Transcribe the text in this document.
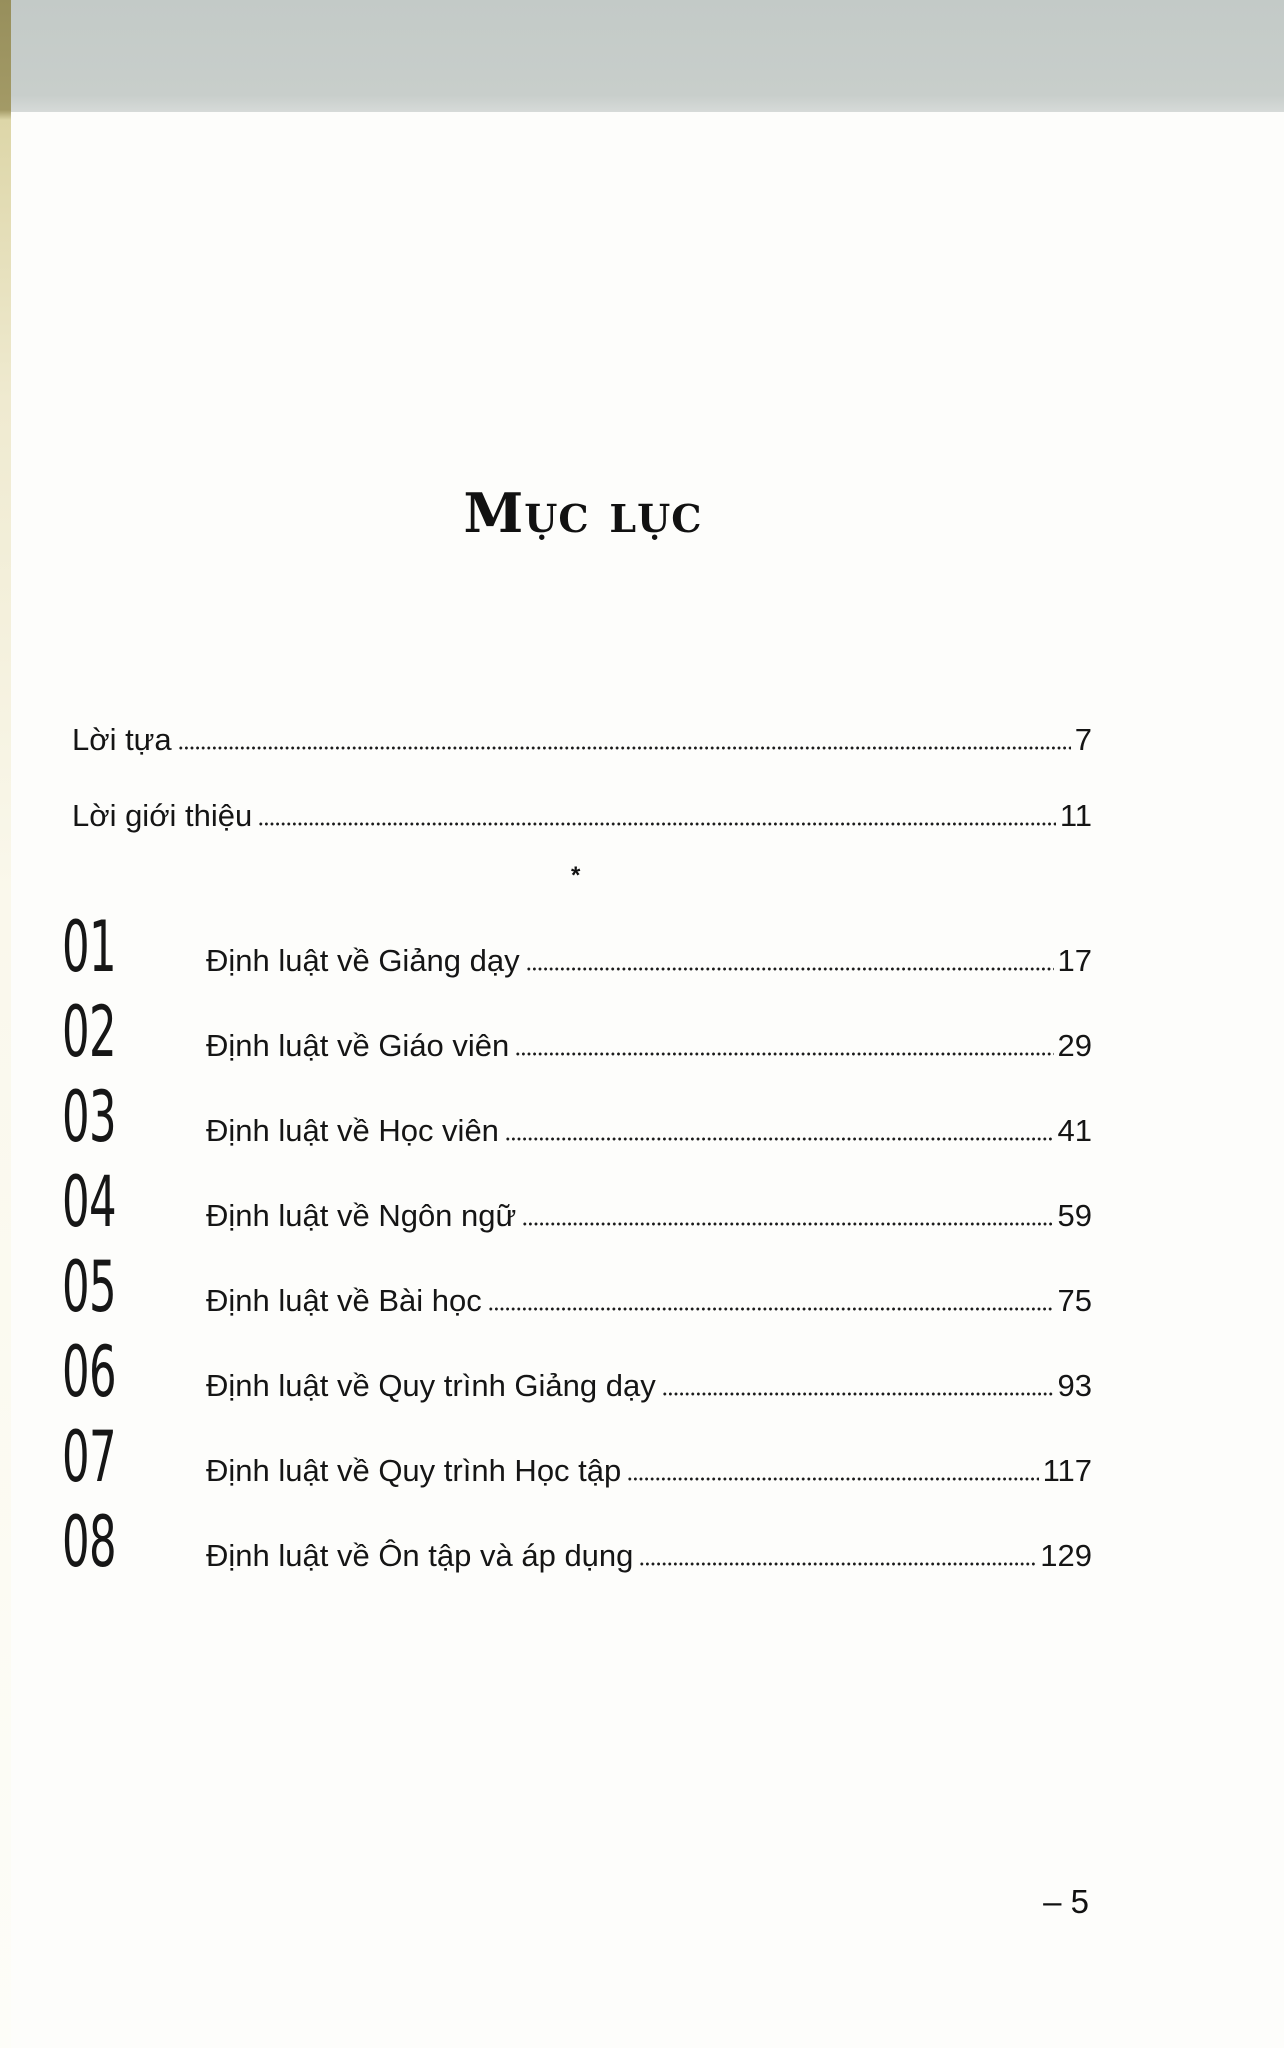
Mục lục
Lời tựa	7
Lời giới thiệu	11
*
01	Định luật về Giảng dạy	17
02	Định luật về Giáo viên	29
03	Định luật về Học viên	41
04	Định luật về Ngôn ngữ	59
05	Định luật về Bài học	75
06	Định luật về Quy trình Giảng dạy	93
07	Định luật về Quy trình Học tập	117
08	Định luật về Ôn tập và áp dụng	129
– 5
